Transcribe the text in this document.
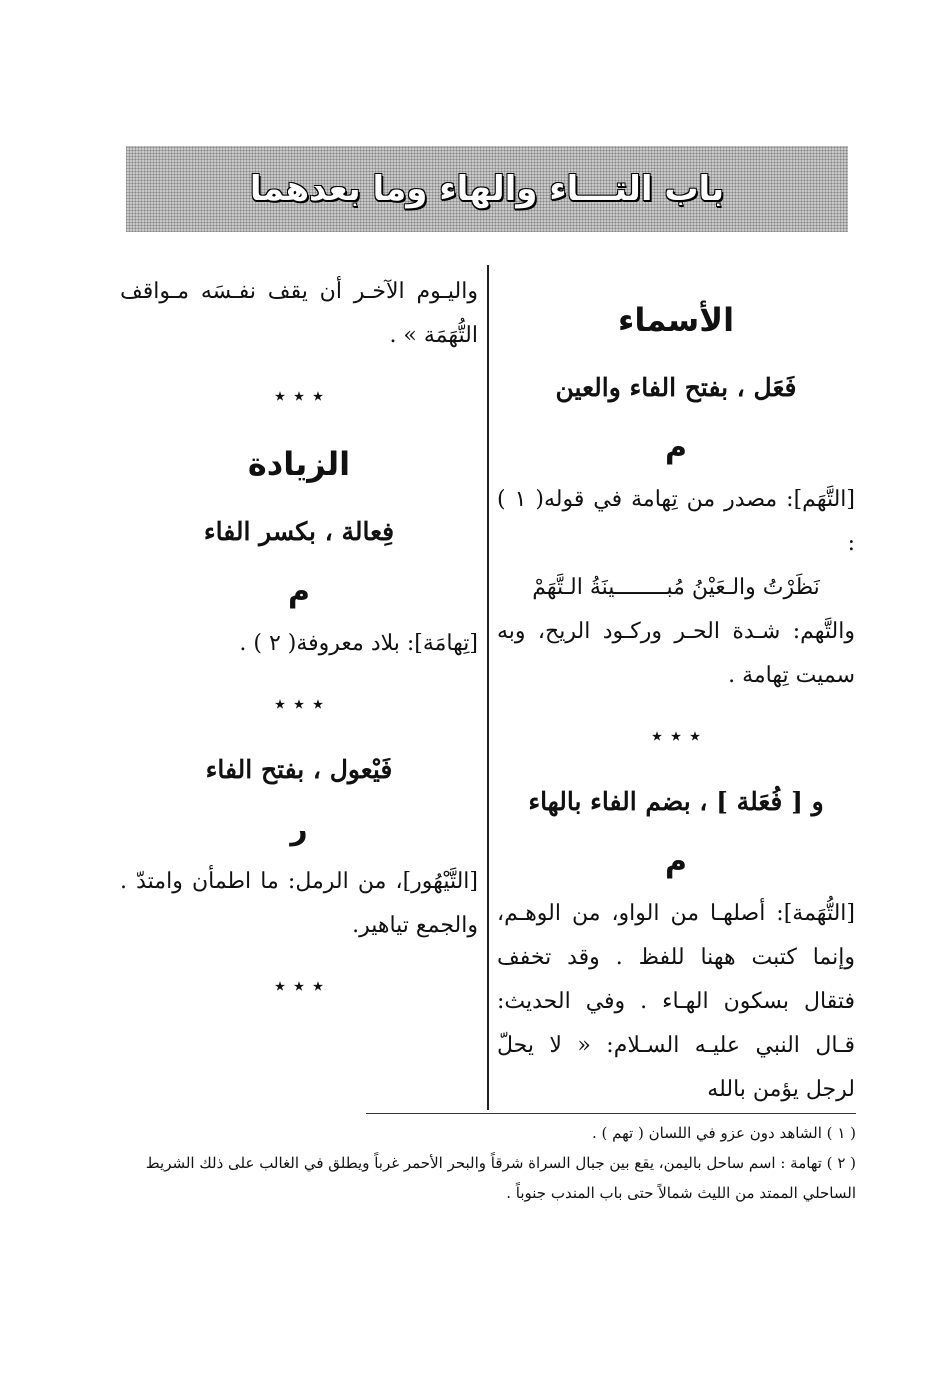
باب التـــاء والهاء وما بعدهما
الأسماء
فَعَل ، بفتح الفاء والعين
م

[التَّهَم]: مصدر من تِهامة في قوله( ١ ) :

نَظَرْتُ والـعَيْنُ مُبــــــــينَةُ الـتَّهَمْ

والتَّهم: شـدة الحـر وركـود الريح، وبه سميت تِهامة .

٭ ٭ ٭
و [ فُعَلة ] ، بضم الفاء بالهاء
م

[التُّهَمة]: أصلهـا من الواو، من الوهـم، وإنما كتبت ههنا للفظ . وقد تخفف فتقال بسكون الهـاء . وفي الحديث: قـال النبي عليـه السـلام: « لا يحلّ لرجل يؤمن بالله

واليـوم الآخـر أن يقف نفـسَه مـواقف التُّهَمَة » .

٭ ٭ ٭
الزيادة
فِعالة ، بكسر الفاء
م

[تِهامَة]: بلاد معروفة( ٢ ) .

٭ ٭ ٭
فَيْعول ، بفتح الفاء
ر

[التَّيْهُور]، من الرمل: ما اطمأن وامتدّ . والجمع تياهير.

٭ ٭ ٭

( ١ ) الشاهد دون عزو في اللسان ( تهم ) .

( ٢ ) تهامة : اسم ساحل باليمن، يقع بين جبال السراة شرقاً والبحر الأحمر غرباً ويطلق في الغالب على ذلك الشريط الساحلي الممتد من الليث شمالاً حتى باب المندب جنوباً .
